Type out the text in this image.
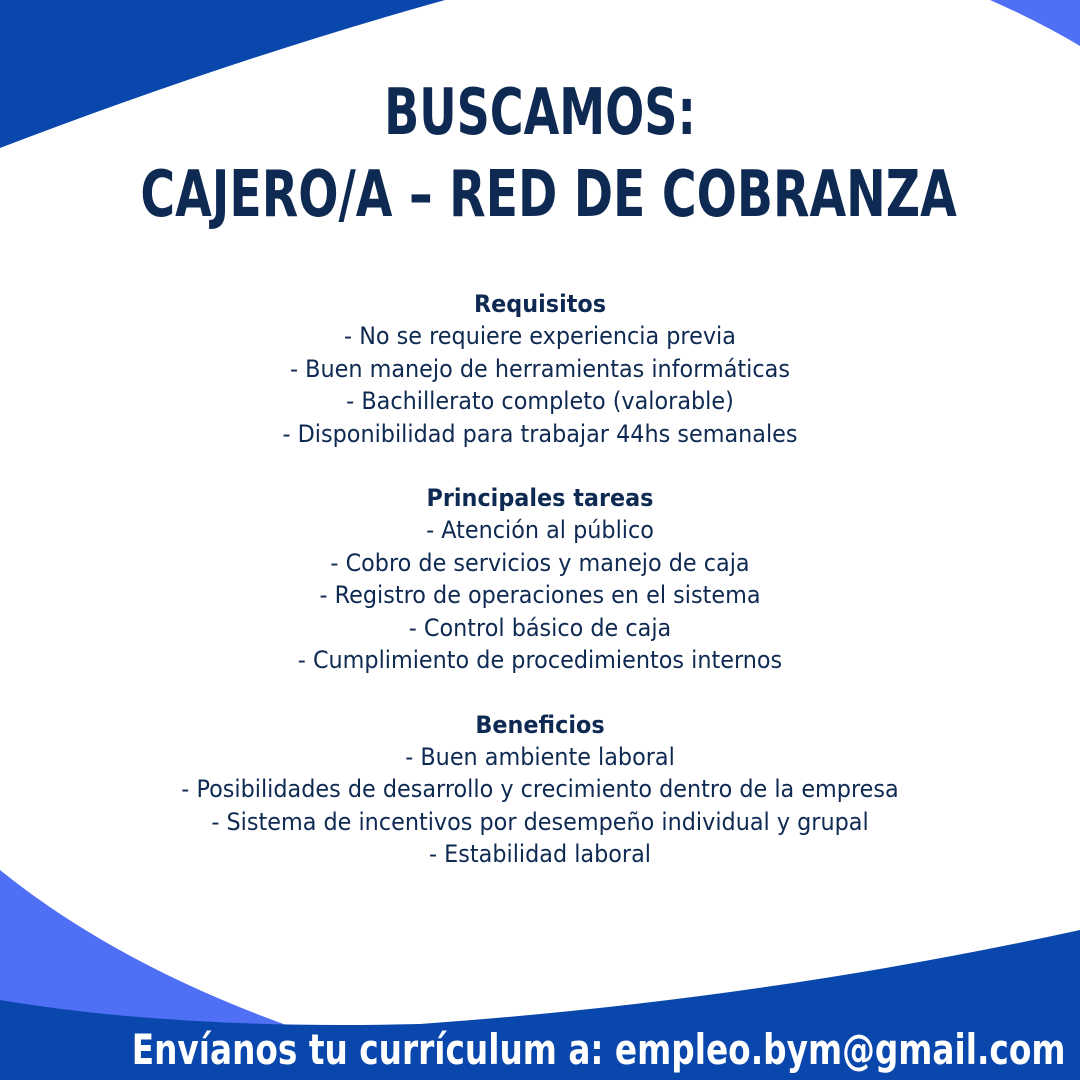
BUSCAMOS:
CAJERO/A – RED DE COBRANZA
Requisitos
- No se requiere experiencia previa
- Buen manejo de herramientas informáticas
- Bachillerato completo (valorable)
- Disponibilidad para trabajar 44hs semanales
Principales tareas
- Atención al público
- Cobro de servicios y manejo de caja
- Registro de operaciones en el sistema
- Control básico de caja
- Cumplimiento de procedimientos internos
Beneficios
- Buen ambiente laboral
- Posibilidades de desarrollo y crecimiento dentro de la empresa
- Sistema de incentivos por desempeño individual y grupal
- Estabilidad laboral
Envíanos tu currículum a: empleo.bym@gmail.com
